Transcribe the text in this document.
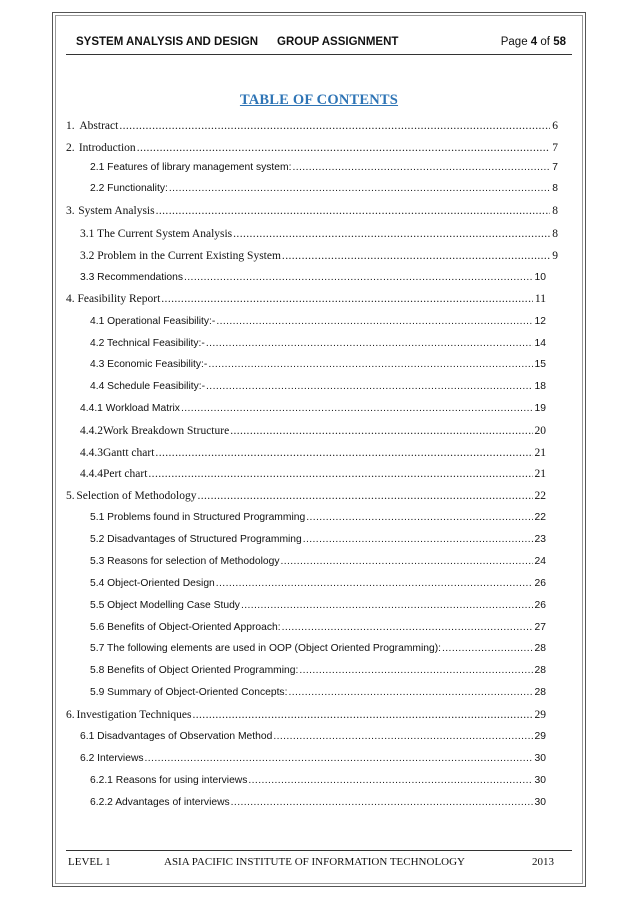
SYSTEM ANALYSIS AND DESIGN GROUP ASSIGNMENT	Page 4 of 58
TABLE OF CONTENTS
1. Abstract .....	6
2. Introduction .....	7
2.1 Features of library management system: .....	7
2.2 Functionality: .....	8
3. System Analysis .....	8
3.1 The Current System Analysis .....	8
3.2 Problem in the Current Existing System .....	9
3.3 Recommendations .....	10
4. Feasibility Report .....	11
4.1 Operational Feasibility:- .....	12
4.2 Technical Feasibility:- .....	14
4.3 Economic Feasibility:- .....	15
4.4 Schedule Feasibility:- .....	18
4.4.1 Workload Matrix .....	19
4.4.2 Work Breakdown Structure .....	20
4.4.3 Gantt chart .....	21
4.4.4 Pert chart .....	21
5. Selection of Methodology .....	22
5.1 Problems found in Structured Programming .....	22
5.2 Disadvantages of Structured Programming .....	23
5.3 Reasons for selection of Methodology .....	24
5.4 Object-Oriented Design .....	26
5.5 Object Modelling Case Study .....	26
5.6 Benefits of Object-Oriented Approach: .....	27
5.7 The following elements are used in OOP (Object Oriented Programming): .....	28
5.8 Benefits of Object Oriented Programming: .....	28
5.9 Summary of Object-Oriented Concepts: .....	28
6. Investigation Techniques .....	29
6.1 Disadvantages of Observation Method .....	29
6.2 Interviews .....	30
6.2.1 Reasons for using interviews .....	30
6.2.2 Advantages of interviews .....	30
LEVEL 1	ASIA PACIFIC INSTITUTE OF INFORMATION TECHNOLOGY	2013
